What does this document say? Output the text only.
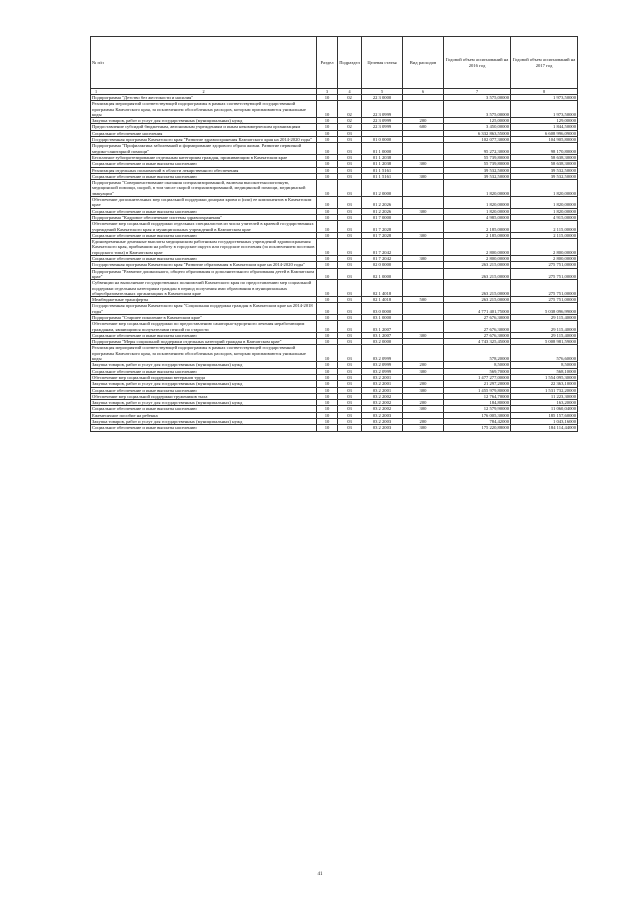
№ п/п	Раздел	Подраздел	Целевая статья	Вид расходов	Годовой объем ассигнований на 2016 год	Годовой объем ассигнований на 2017 год

1 2	3	4	5	6	7	8
Подпрограмма "Детство без жестокости и насилия"	10	02	22 3 0000		3 575,00000	1 973,50000
Реализация мероприятий соответствующей подпрограммы в рамках соответствующей государственной программы Камчатского края, за исключением обособленных расходов, которым присваиваются уникальные коды	10	02	22 3 0999		3 575,00000	1 973,50000
Закупка товаров, работ и услуг для государственных (муниципальных) нужд	10	02	22 3 0999	200	125,00000	129,00000
Предоставление субсидий бюджетным, автономным учреждениям и иным некоммерческим организациям	10	02	22 3 0999	600	3 450,00000	1 844,50000
Социальное обеспечение населения	10	03			6 332 863,55000	6 608 996,09000
Государственная программа Камчатского края "Развитие здравоохранения Камчатского края на 2014-2020 годы"	10	03	01 0 0000		102 077,30000	104 905,80000
Подпрограмма "Профилактика заболеваний и формирование здорового образа жизни. Развитие первичной медико-санитарной помощи"	10	03	01 1 0000		95 272,30000	98 170,80000
Бесплатное зубопротезирование отдельным категориям граждан, проживающим в Камчатском крае	10	03	01 1 2038		55 739,80000	58 638,30000
Социальное обеспечение и иные выплаты населению	10	03	01 1 2038	300	55 739,80000	58 638,30000
Реализация отдельных полномочий в области лекарственного обеспечения	10	03	01 1 5161		39 532,50000	39 532,50000
Социальное обеспечение и иные выплаты населению	10	03	01 1 5161	300	39 532,50000	39 532,50000
Подпрограмма "Совершенствование оказания специализированной, включая высокотехнологичную, медицинской помощи, скорой, в том числе скорой специализированной, медицинской помощи, медицинской эвакуации"	10	03	01 2 0000		1 820,00000	1 820,00000
Обеспечение дополнительных мер социальной поддержки донорам крови и (или) ее компонентов в Камчатском крае	10	03	01 2 2026		1 820,00000	1 820,00000
Социальное обеспечение и иные выплаты населению	10	03	01 2 2026	300	1 820,00000	1 820,00000
Подпрограмма "Кадровое обеспечение системы здравоохранения"	10	03	01 7 0000		4 985,00000	4 915,00000
Обеспечение мер социальной поддержки отдельных специалистов из числа учителей в краевой государственных учреждений Камчатского края и муниципальных учреждений в Камчатском крае	10	03	01 7 2028		2 185,00000	2 115,00000
Социальное обеспечение и иные выплаты населению	10	03	01 7 2028	300	2 185,00000	2 115,00000
Единовременные денежные выплаты медицинским работникам государственных учреждений здравоохранения Камчатского края, прибывшим на работу в городские округа или городские поселения (за исключением поселков городского типа) в Камчатском крае	10	03	01 7 2042		2 800,00000	2 800,00000
Социальное обеспечение и иные выплаты населению	10	03	01 7 2042	300	2 800,00000	2 800,00000
Государственная программа Камчатского края "Развитие образования в Камчатском крае на 2014-2020 годы"	10	03	02 0 0000		263 215,00000	275 751,00000
Подпрограмма "Развитие дошкольного, общего образования и дополнительного образования детей в Камчатском крае"	10	03	02 1 0000		263 215,00000	275 751,00000
Субвенции на выполнение государственных полномочий Камчатского края по предоставлению мер социальной поддержки отдельным категориям граждан в период получения ими образования в муниципальных общеобразовательных организациях в Камчатском крае	10	03	02 1 4018		263 215,00000	275 751,00000
Межбюджетные трансферты	10	03	02 1 4018	500	263 215,00000	275 751,00000
Государственная программа Камчатского края "Социальная поддержка граждан в Камчатском крае на 2014-2018 годы"	10	03	03 0 0000		4 771 401,75000	5 038 096,99000
Подпрограмма "Старшее поколение в Камчатском крае"	10	03	03 1 0000		27 676,30000	29 115,40000
Обеспечение мер социальной поддержки по предоставлению санаторно-курортного лечения неработающим гражданам, являющимся получателями пенсий по старости	10	03	03 1 2007		27 676,30000	29 115,40000
Социальное обеспечение и иные выплаты населению	10	03	03 1 2007	300	27 676,30000	29 115,40000
Подпрограмма "Меры социальной поддержки отдельных категорий граждан в Камчатском крае"	10	03	03 2 0000		4 743 325,45000	5 008 981,59000
Реализация мероприятий соответствующей подпрограммы в рамках соответствующей государственной программы Камчатского края, за исключением обособленных расходов, которым присваиваются уникальные коды	10	03	03 2 0999		578,20000	576,60000
Закупка товаров, работ и услуг для государственных (муниципальных) нужд	10	03	03 2 0999	200	8,50000	8,50000
Социальное обеспечение и иные выплаты населению	10	03	03 2 0999	300	569,70000	568,10000
Обеспечение мер социальной поддержки ветеранов труда	10	03	03 2 2001		1 477 277,00000	1 554 095,30000
Закупка товаров, работ и услуг для государственных (муниципальных) нужд	10	03	03 2 2001	200	21 297,20000	22 363,10000
Социальное обеспечение и иные выплаты населению	10	03	03 2 2001	300	1 455 979,80000	1 531 732,20000
Обеспечение мер социальной поддержки тружеников тыла	10	03	03 2 2002		12 764,70000	11 223,30000
Закупка товаров, работ и услуг для государственных (муниципальных) нужд	10	03	03 2 2002	200	184,80000	163,20000
Социальное обеспечение и иные выплаты населению	10	03	03 2 2002	300	12 579,90000	11 060,04000
Ежемесячное пособие на ребенка	10	03	03 2 2003		176 005,30000	185 157,60000
Закупка товаров, работ и услуг для государственных (муниципальных) нужд	10	03	03 2 2003	200	784,42000	1 043,16000
Социальное обеспечение и иные выплаты населению	10	03	03 2 2003	300	175 220,88000	184 114,44000
41
